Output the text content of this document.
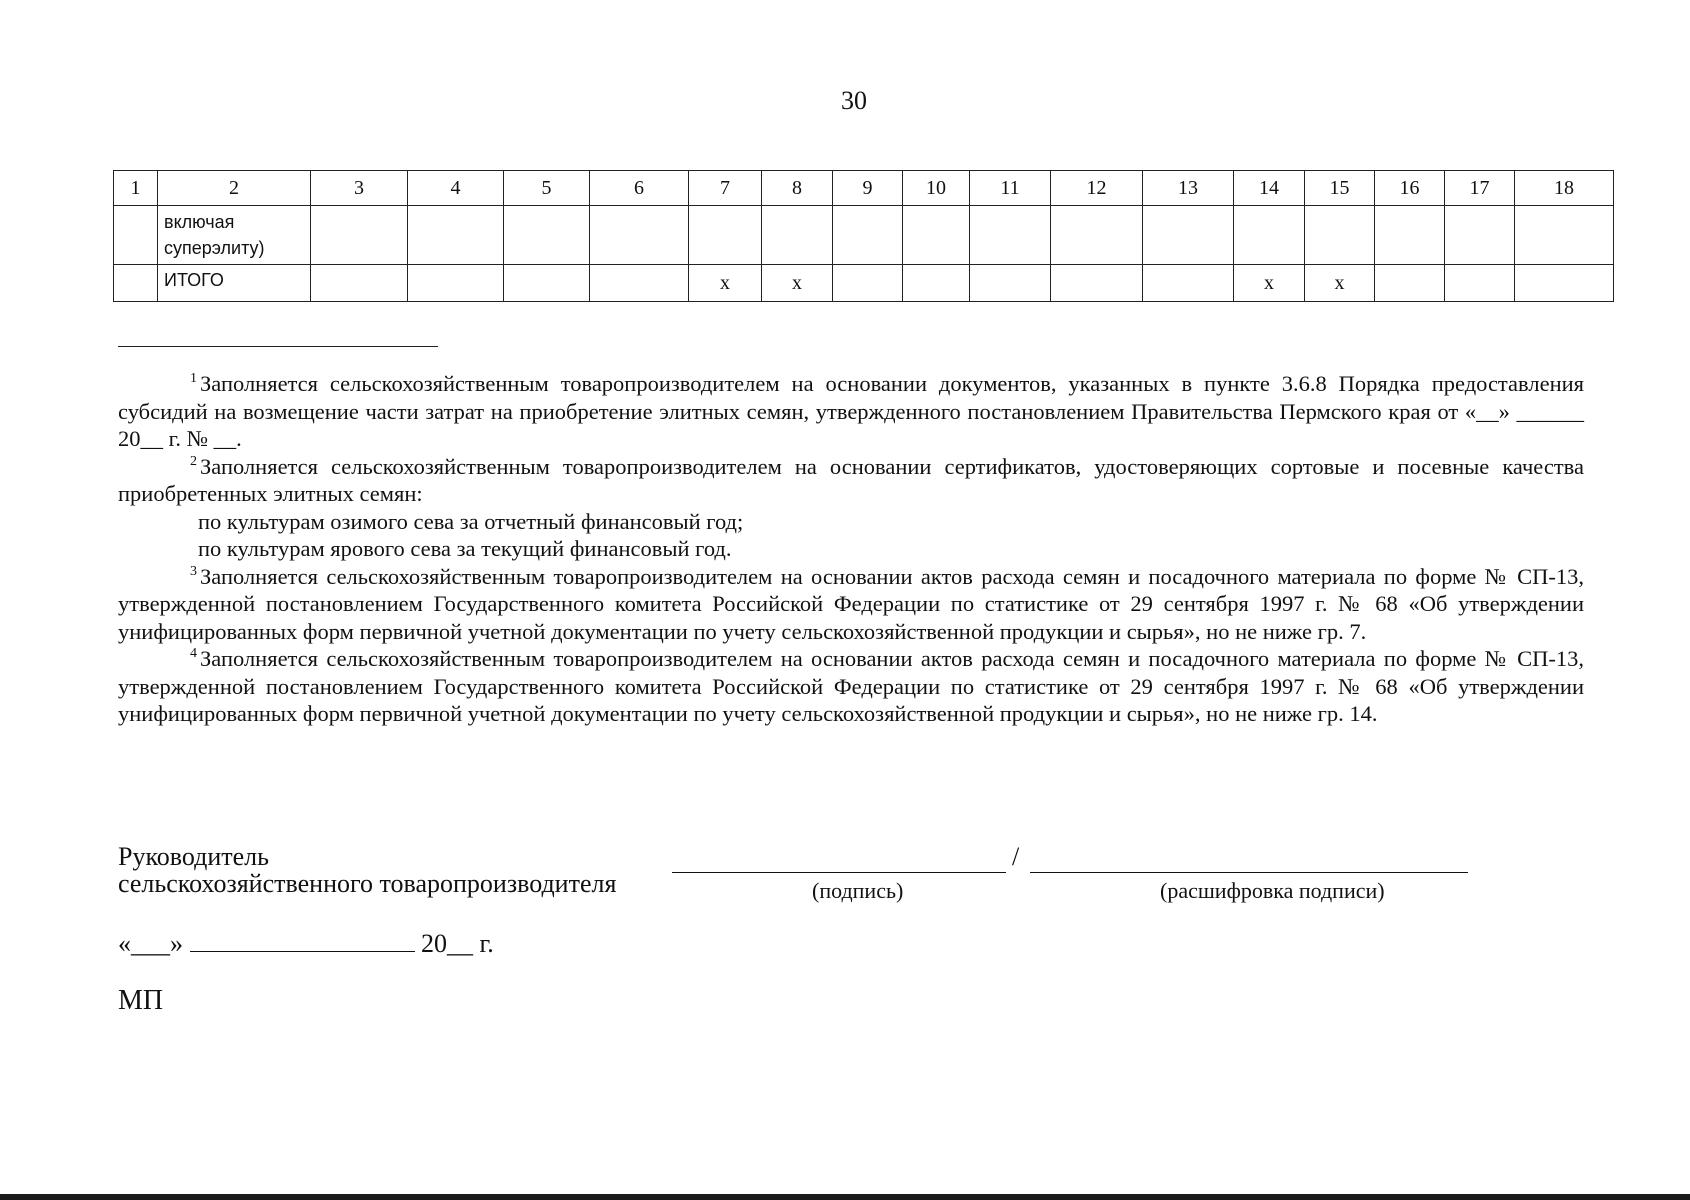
30
1	2	3	4	5	6	7	8	9	10	11	12	13	14	15	16	17	18
	включая суперэлиту)																
	ИТОГО					x	x						x	x			

$^1$ Заполняется сельскохозяйственным товаропроизводителем на основании документов, указанных в пункте 3.6.8 Порядка предоставления субсидий на возмещение части затрат на приобретение элитных семян, утвержденного постановлением Правительства Пермского края от «__» ______ 20__ г. № __.

$^2$ Заполняется сельскохозяйственным товаропроизводителем на основании сертификатов, удостоверяющих сортовые и посевные качества приобретенных элитных семян:

по культурам озимого сева за отчетный финансовый год;

по культурам ярового сева за текущий финансовый год.

$^3$ Заполняется сельскохозяйственным товаропроизводителем на основании актов расхода семян и посадочного материала по форме № СП-13, утвержденной постановлением Государственного комитета Российской Федерации по статистике от 29 сентября 1997 г. № 68 «Об утверждении унифицированных форм первичной учетной документации по учету сельскохозяйственной продукции и сырья», но не ниже гр. 7.

$^4$ Заполняется сельскохозяйственным товаропроизводителем на основании актов расхода семян и посадочного материала по форме № СП-13, утвержденной постановлением Государственного комитета Российской Федерации по статистике от 29 сентября 1997 г. № 68 «Об утверждении унифицированных форм первичной учетной документации по учету сельскохозяйственной продукции и сырья», но не ниже гр. 14.

Руководитель
сельскохозяйственного товаропроизводителя
/
(подпись)	(расшифровка подписи)
«___»	20__ г.
МП
